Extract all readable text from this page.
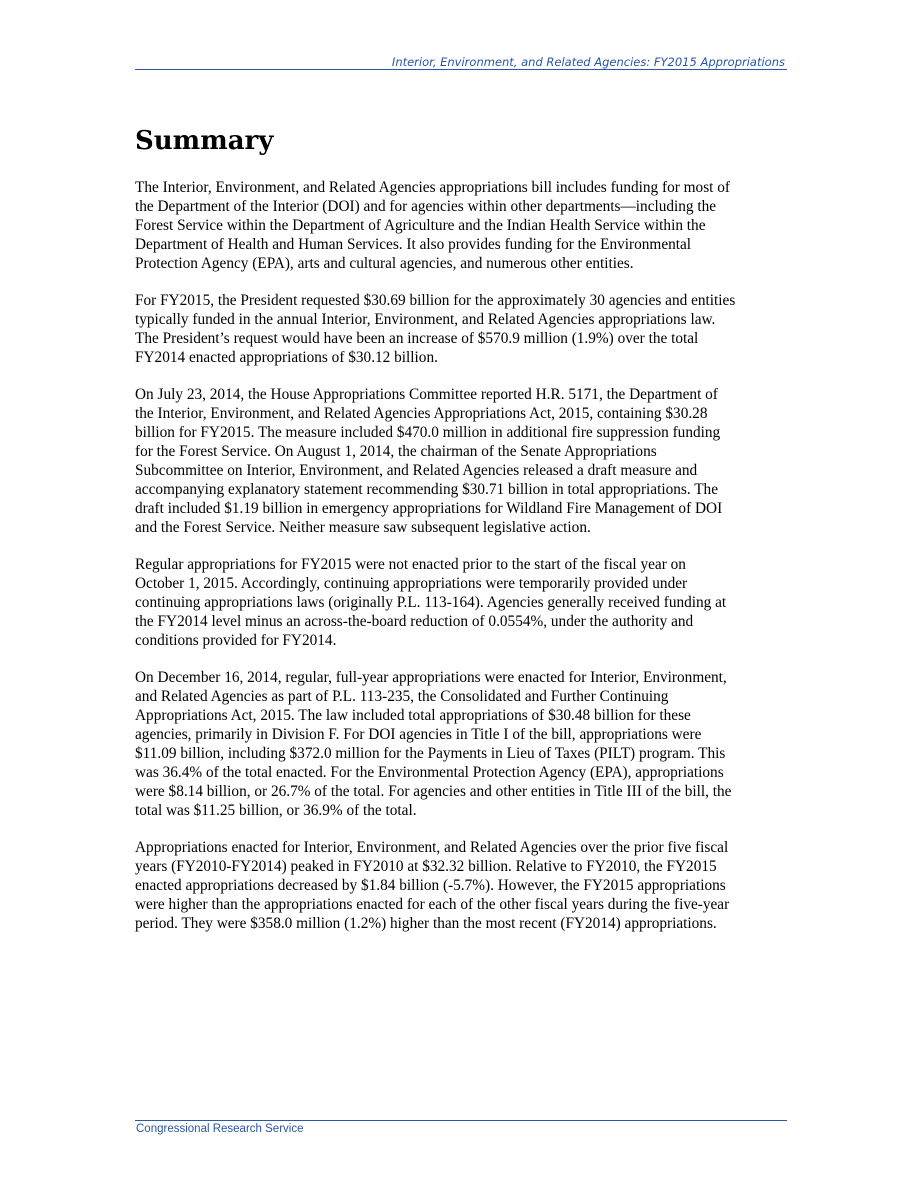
Interior, Environment, and Related Agencies: FY2015 Appropriations

Summary

The Interior, Environment, and Related Agencies appropriations bill includes funding for most of
the Department of the Interior (DOI) and for agencies within other departments—including the
Forest Service within the Department of Agriculture and the Indian Health Service within the
Department of Health and Human Services. It also provides funding for the Environmental
Protection Agency (EPA), arts and cultural agencies, and numerous other entities.

For FY2015, the President requested $30.69 billion for the approximately 30 agencies and entities
typically funded in the annual Interior, Environment, and Related Agencies appropriations law.
The President’s request would have been an increase of $570.9 million (1.9%) over the total
FY2014 enacted appropriations of $30.12 billion.

On July 23, 2014, the House Appropriations Committee reported H.R. 5171, the Department of
the Interior, Environment, and Related Agencies Appropriations Act, 2015, containing $30.28
billion for FY2015. The measure included $470.0 million in additional fire suppression funding
for the Forest Service. On August 1, 2014, the chairman of the Senate Appropriations
Subcommittee on Interior, Environment, and Related Agencies released a draft measure and
accompanying explanatory statement recommending $30.71 billion in total appropriations. The
draft included $1.19 billion in emergency appropriations for Wildland Fire Management of DOI
and the Forest Service. Neither measure saw subsequent legislative action.

Regular appropriations for FY2015 were not enacted prior to the start of the fiscal year on
October 1, 2015. Accordingly, continuing appropriations were temporarily provided under
continuing appropriations laws (originally P.L. 113-164). Agencies generally received funding at
the FY2014 level minus an across-the-board reduction of 0.0554%, under the authority and
conditions provided for FY2014.

On December 16, 2014, regular, full-year appropriations were enacted for Interior, Environment,
and Related Agencies as part of P.L. 113-235, the Consolidated and Further Continuing
Appropriations Act, 2015. The law included total appropriations of $30.48 billion for these
agencies, primarily in Division F. For DOI agencies in Title I of the bill, appropriations were
$11.09 billion, including $372.0 million for the Payments in Lieu of Taxes (PILT) program. This
was 36.4% of the total enacted. For the Environmental Protection Agency (EPA), appropriations
were $8.14 billion, or 26.7% of the total. For agencies and other entities in Title III of the bill, the
total was $11.25 billion, or 36.9% of the total.

Appropriations enacted for Interior, Environment, and Related Agencies over the prior five fiscal
years (FY2010-FY2014) peaked in FY2010 at $32.32 billion. Relative to FY2010, the FY2015
enacted appropriations decreased by $1.84 billion (-5.7%). However, the FY2015 appropriations
were higher than the appropriations enacted for each of the other fiscal years during the five-year
period. They were $358.0 million (1.2%) higher than the most recent (FY2014) appropriations.

Congressional Research Service
